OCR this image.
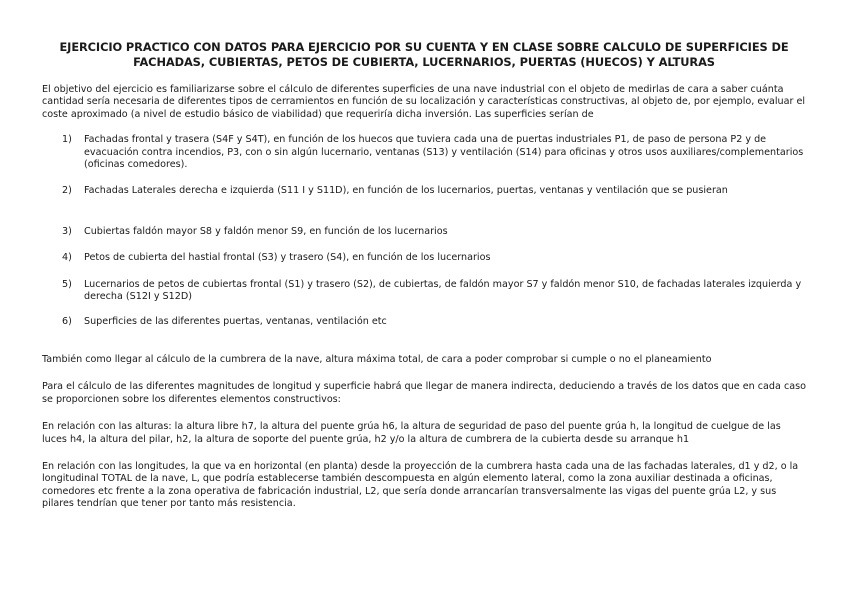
EJERCICIO PRACTICO CON DATOS PARA EJERCICIO POR SU CUENTA Y EN CLASE SOBRE CALCULO DE SUPERFICIES DE
FACHADAS, CUBIERTAS, PETOS DE CUBIERTA, LUCERNARIOS, PUERTAS (HUECOS) Y ALTURAS

El objetivo del ejercicio es familiarizarse sobre el cálculo de diferentes superficies de una nave industrial con el objeto de medirlas de cara a saber cuánta cantidad sería necesaria de diferentes tipos de cerramientos en función de su localización y características constructivas, al objeto de, por ejemplo, evaluar el coste aproximado (a nivel de estudio básico de viabilidad) que requeriría dicha inversión. Las superficies serían de

1) Fachadas frontal y trasera (S4F y S4T), en función de los huecos que tuviera cada una de puertas industriales P1, de paso de persona P2 y de evacuación contra incendios, P3, con o sin algún lucernario, ventanas (S13) y ventilación (S14) para oficinas y otros usos auxiliares/complementarios (oficinas comedores).
2) Fachadas Laterales derecha e izquierda (S11 I y S11D), en función de los lucernarios, puertas, ventanas y ventilación que se pusieran
3) Cubiertas faldón mayor S8 y faldón menor S9, en función de los lucernarios
4) Petos de cubierta del hastial frontal (S3) y trasero (S4), en función de los lucernarios
5) Lucernarios de petos de cubiertas frontal (S1) y trasero (S2), de cubiertas, de faldón mayor S7 y faldón menor S10, de fachadas laterales izquierda y derecha (S12I y S12D)
6) Superficies de las diferentes puertas, ventanas, ventilación etc

También como llegar al cálculo de la cumbrera de la nave, altura máxima total, de cara a poder comprobar si cumple o no el planeamiento

Para el cálculo de las diferentes magnitudes de longitud y superficie habrá que llegar de manera indirecta, deduciendo a través de los datos que en cada caso se proporcionen sobre los diferentes elementos constructivos:

En relación con las alturas: la altura libre h7, la altura del puente grúa h6, la altura de seguridad de paso del puente grúa h, la longitud de cuelgue de las luces h4, la altura del pilar, h2, la altura de soporte del puente grúa, h2 y/o la altura de cumbrera de la cubierta desde su arranque h1

En relación con las longitudes, la que va en horizontal (en planta) desde la proyección de la cumbrera hasta cada una de las fachadas laterales, d1 y d2, o la longitudinal TOTAL de la nave, L, que podría establecerse también descompuesta en algún elemento lateral, como la zona auxiliar destinada a oficinas, comedores etc frente a la zona operativa de fabricación industrial, L2, que sería donde arrancarían transversalmente las vigas del puente grúa L2, y sus pilares tendrían que tener por tanto más resistencia.
